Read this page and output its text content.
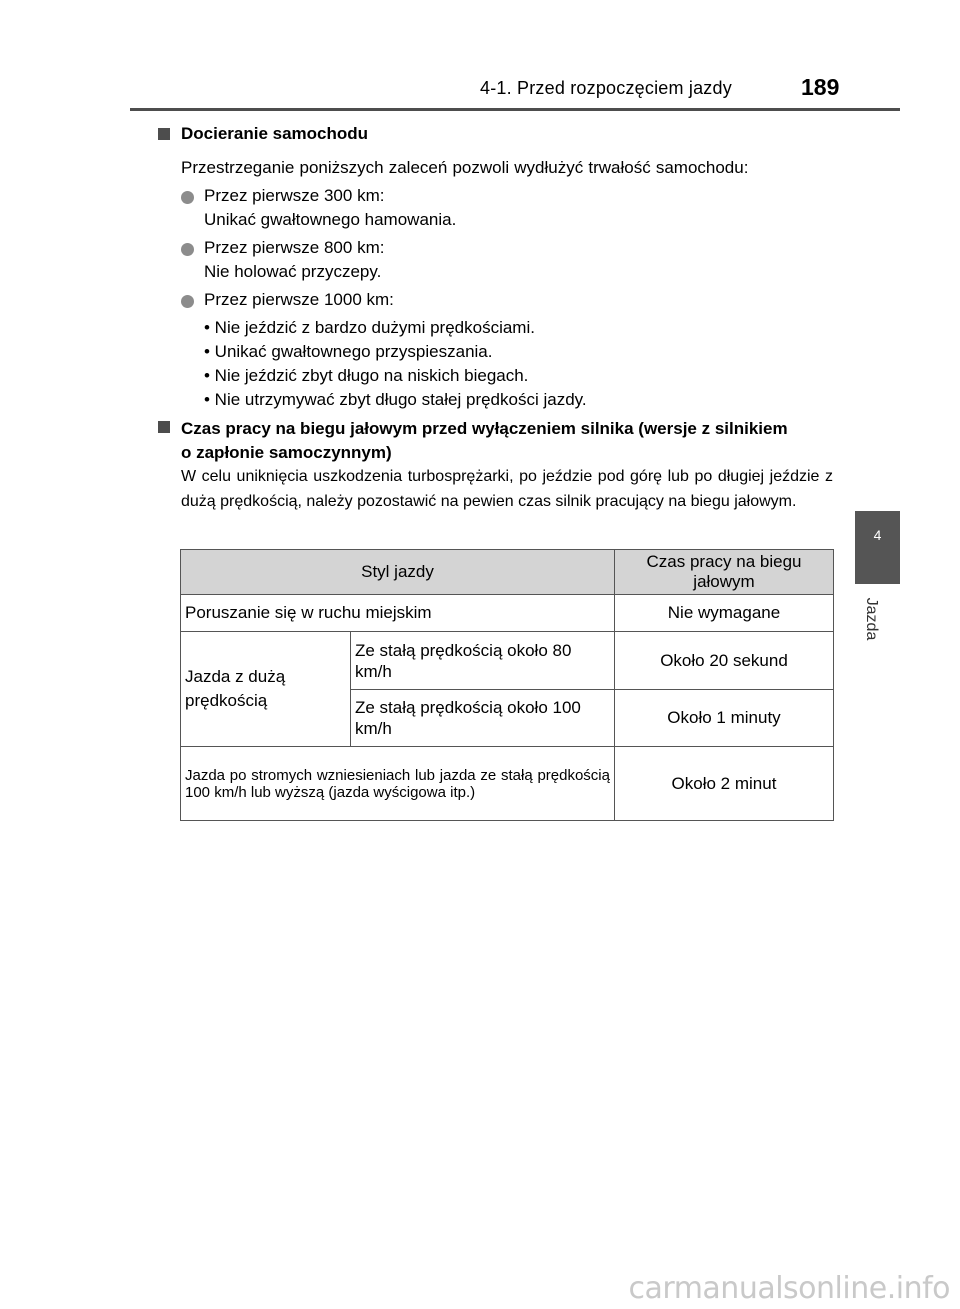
4-1. Przed rozpoczęciem jazdy	189
4
Jazda
Docieranie samochodu
Przestrzeganie poniższych zaleceń pozwoli wydłużyć trwałość samochodu:
Przez pierwsze 300 km:
Unikać gwałtownego hamowania.
Przez pierwsze 800 km:
Nie holować przyczepy.
Przez pierwsze 1000 km:
• Nie jeździć z bardzo dużymi prędkościami.
• Unikać gwałtownego przyspieszania.
• Nie jeździć zbyt długo na niskich biegach.
• Nie utrzymywać zbyt długo stałej prędkości jazdy.
Czas pracy na biegu jałowym przed wyłączeniem silnika (wersje z silnikiem
o zapłonie samoczynnym)
W celu uniknięcia uszkodzenia turbosprężarki, po jeździe pod górę lub po długiej jeździe z dużą prędkością, należy pozostawić na pewien czas silnik pracujący na biegu jałowym.
Styl jazdy		Czas pracy na biegu jałowym
Poruszanie się w ruchu miejskim		Nie wymagane
Jazda z dużą prędkością	Ze stałą prędkością około 80 km/h	Około 20 sekund
	Ze stałą prędkością około 100 km/h	Około 1 minuty
Jazda po stromych wzniesieniach lub jazda ze stałą prędkością 100 km/h lub wyższą (jazda wyścigowa itp.)		Około 2 minut
carmanualsonline.info
